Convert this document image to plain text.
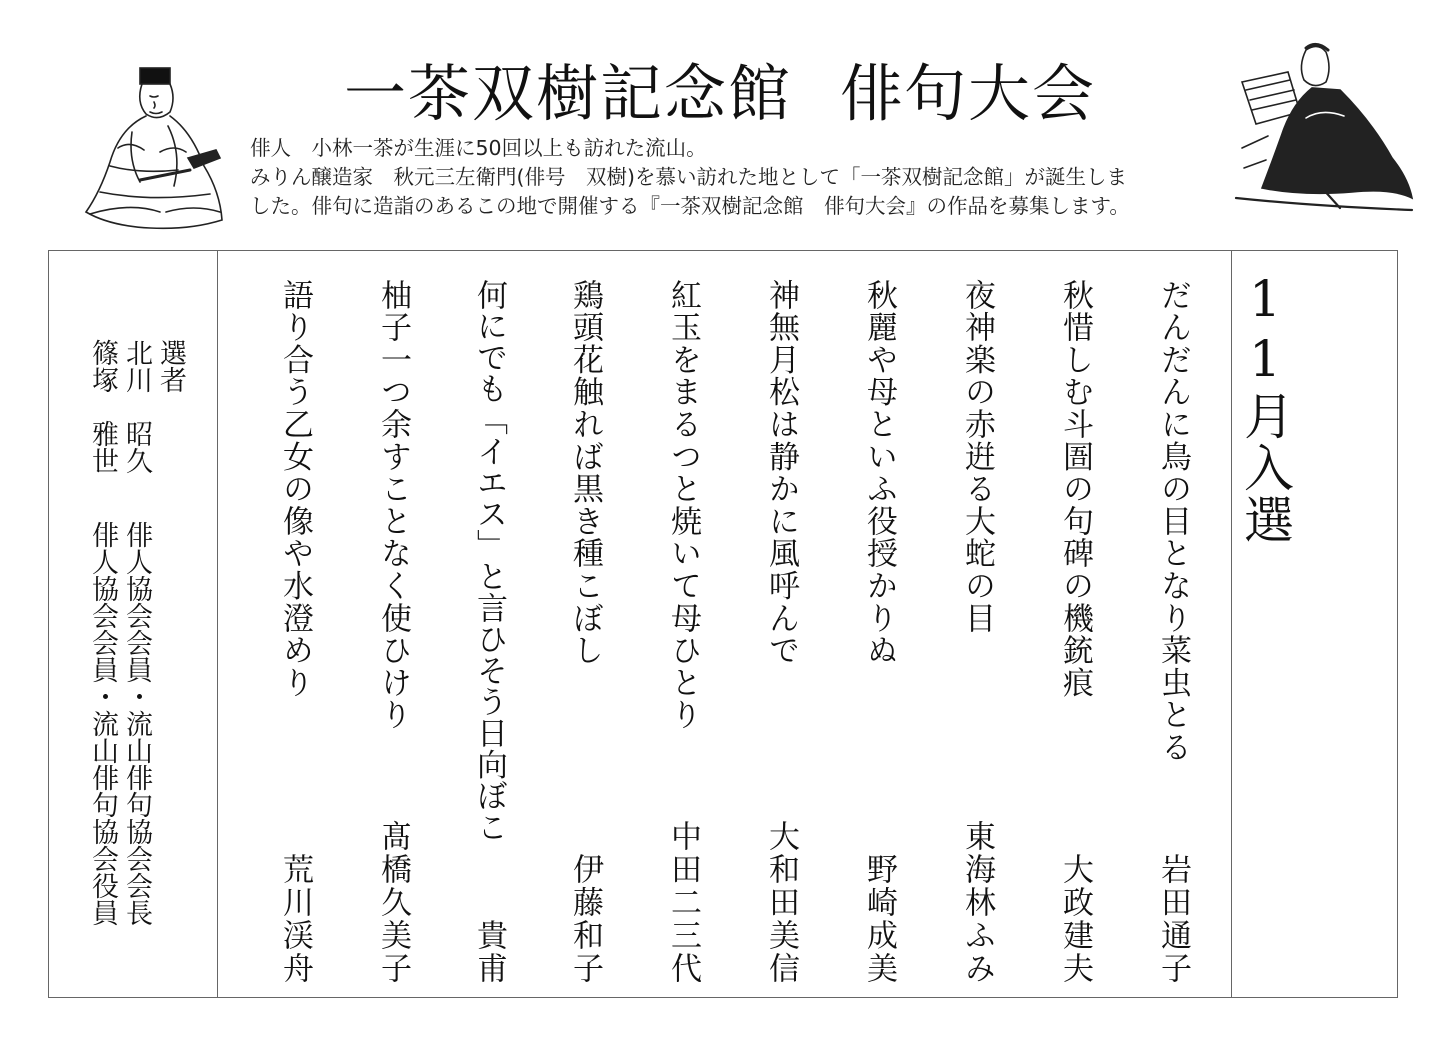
一茶双樹記念館 俳句大会
俳人　小林一茶が生涯に50回以上も訪れた流山。
みりん醸造家　秋元三左衛門(俳号　双樹)を慕い訪れた地として「一茶双樹記念館」が誕生しま
した。俳句に造詣のあるこの地で開催する『一茶双樹記念館　俳句大会』の作品を募集します。
選者
北川　昭久 俳人協会会員・流山俳句協会会長
篠塚　雅世 俳人協会会員・流山俳句協会役員	だんだんに鳥の目となり菜虫とる
岩田通子
秋惜しむ斗圄の句碑の機銃痕
大政建夫
夜神楽の赤逬る大蛇の目
東海林ふみ
秋麗や母といふ役授かりぬ
野崎成美
神無月松は静かに風呼んで
大和田美信
紅玉をまるつと焼いて母ひとり
中田二三代
鶏頭花触れば黒き種こぼし
伊藤和子
何にでも「イエス」と言ひそう日向ぼこ
貴甫
柚子一つ余すことなく使ひけり
髙橋久美子
語り合う乙女の像や水澄めり
荒川渓舟
11月入選
